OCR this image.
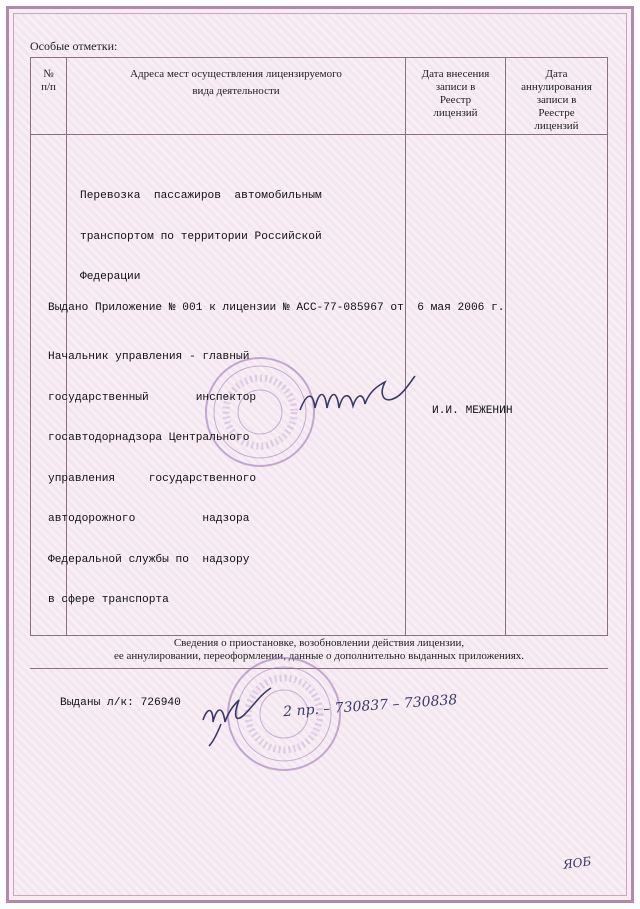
Особые отметки:
№
п/п
Адреса мест осуществления лицензируемого
вида деятельности
Дата внесения
записи в
Реестр
лицензий
Дата
аннулирования
записи в
Реестре
лицензий

Перевозка  пассажиров  автомобильным

транспортом по территории Российской

Федерации

Выдано Приложение № 001 к лицензии № АСС-77-085967 от  6 мая 2006 г.

Начальник управления - главный

государственный       инспектор

госавтодорнадзора Центрального

управления     государственного

автодорожного          надзора

Федеральной службы по  надзору

в сфере транспорта

И.И. МЕЖЕНИН
Сведения о приостановке, возобновлении действия лицензии,
ее аннулировании, переоформлении, данные о дополнительно выданных приложениях.
Выданы л/к: 726940	2 пр. – 730837 – 730838
ЯОБ
